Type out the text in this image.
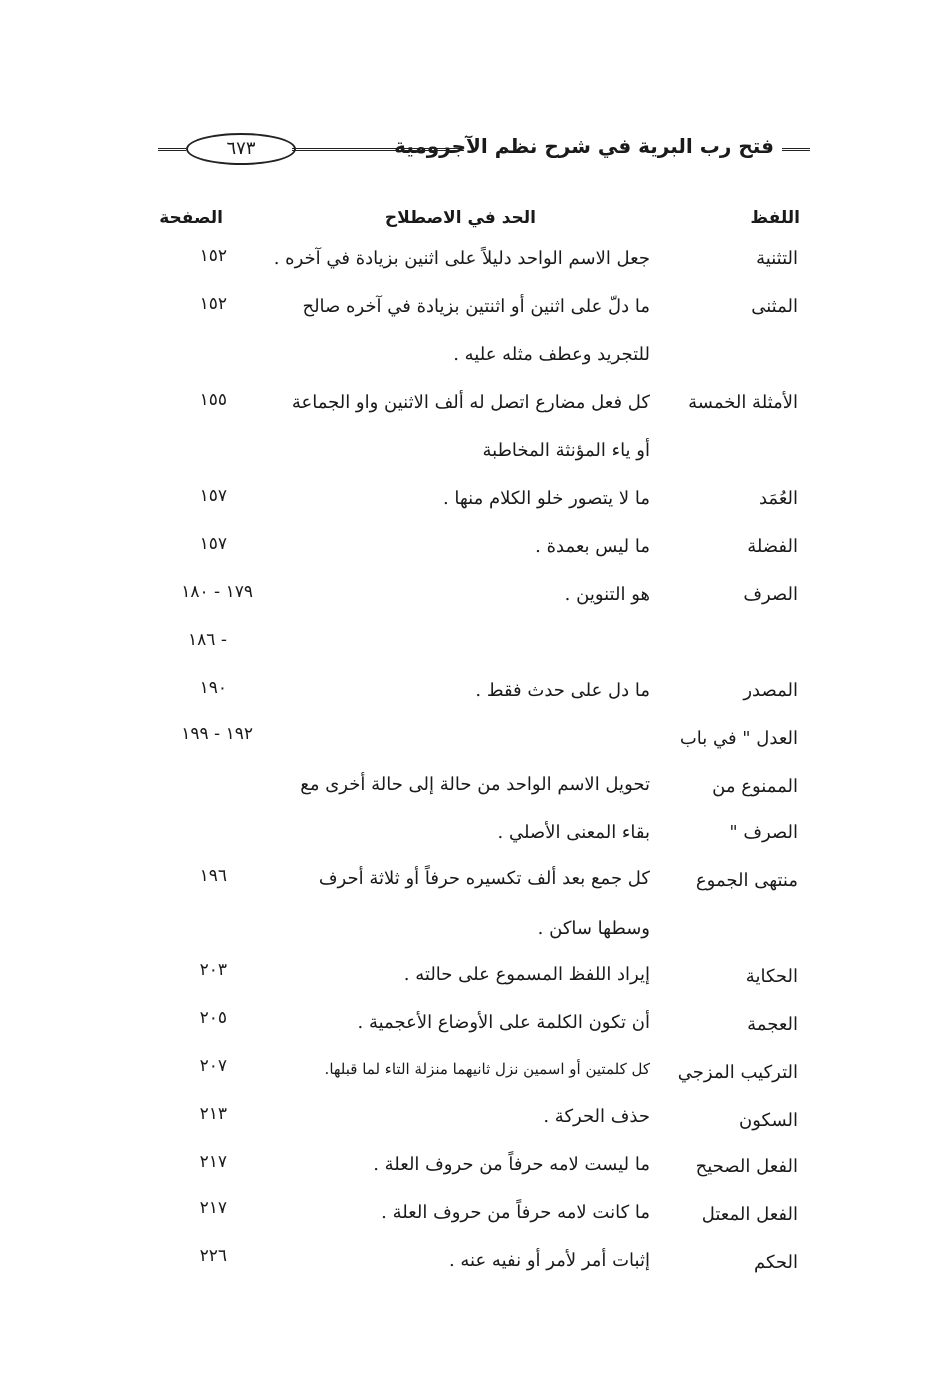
فتح رب البرية في شرح نظم الآجرومية
٦٧٣
اللفظ
الحد في الاصطلاح
الصفحة
التثنية
جعل الاسم الواحد دليلاً على اثنين بزيادة في آخره .
١٥٢
المثنى
ما دلّ على اثنين أو اثنتين بزيادة في آخره صالح
١٥٢
للتجريد وعطف مثله عليه .
الأمثلة الخمسة
كل فعل مضارع اتصل له ألف الاثنين واو الجماعة
١٥٥
أو ياء المؤنثة المخاطبة
العُمَد
ما لا يتصور خلو الكلام منها .
١٥٧
الفضلة
ما ليس بعمدة .
١٥٧
الصرف
هو التنوين .
١٧٩ - ١٨٠
- ١٨٦
المصدر
ما دل على حدث فقط .
١٩٠
العدل " في باب
١٩٢ - ١٩٩
الممنوع من
تحويل الاسم الواحد من حالة إلى حالة أخرى مع
الصرف "
بقاء المعنى الأصلي .
منتهى الجموع
كل جمع بعد ألف تكسيره حرفاً أو ثلاثة أحرف
١٩٦
وسطها ساكن .
الحكاية
إيراد اللفظ المسموع على حالته .
٢٠٣
العجمة
أن تكون الكلمة على الأوضاع الأعجمية .
٢٠٥
التركيب المزجي
كل كلمتين أو اسمين نزل ثانيهما منزلة التاء لما قبلها.
٢٠٧
السكون
حذف الحركة .
٢١٣
الفعل الصحيح
ما ليست لامه حرفاً من حروف العلة .
٢١٧
الفعل المعتل
ما كانت لامه حرفاً من حروف العلة .
٢١٧
الحكم
إثبات أمر لأمر أو نفيه عنه .
٢٢٦
